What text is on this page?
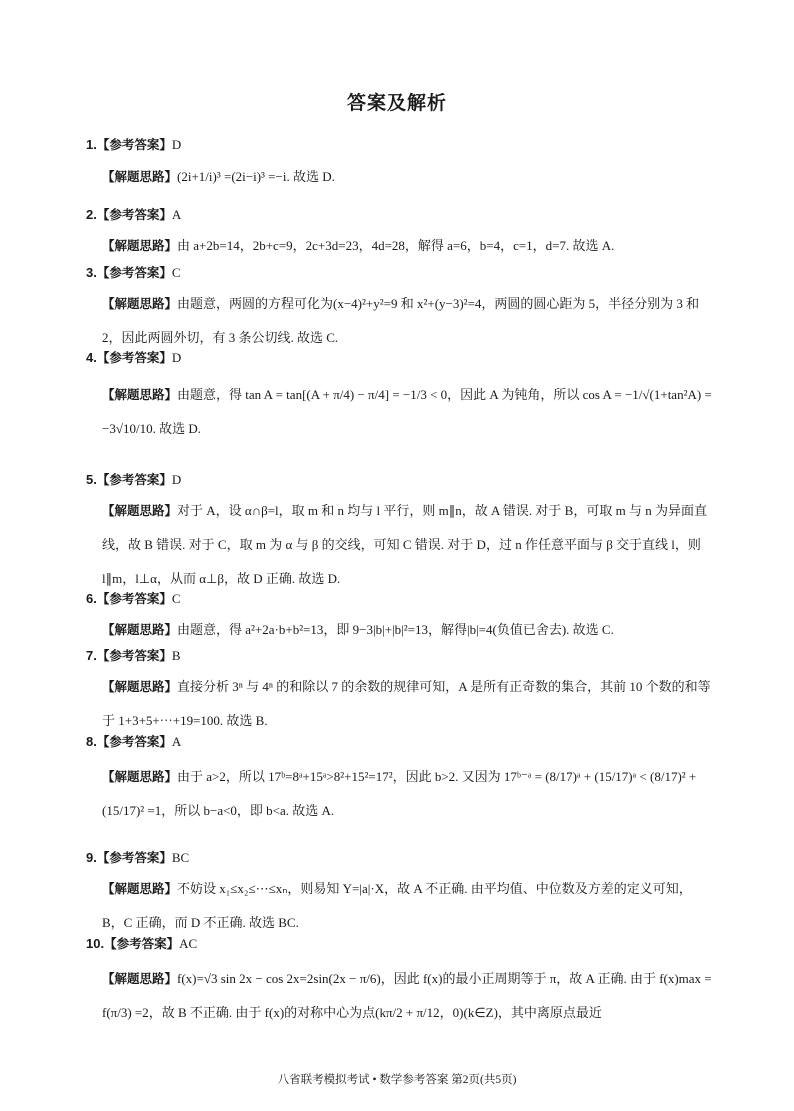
答案及解析
1.【参考答案】D
【解题思路】(2i+1/i)³ =(2i−i)³ =−i. 故选 D.
2.【参考答案】A
【解题思路】由 a+2b=14，2b+c=9，2c+3d=23，4d=28，解得 a=6，b=4，c=1，d=7. 故选 A.
3.【参考答案】C
【解题思路】由题意，两圆的方程可化为(x−4)²+y²=9 和 x²+(y−3)²=4，两圆的圆心距为 5，半径分别为 3 和 2，因此两圆外切，有 3 条公切线. 故选 C.
4.【参考答案】D
【解题思路】由题意，得 tan A = tan[(A + π/4) − π/4] = −1/3 < 0，因此 A 为钝角，所以 cos A = −1/√(1+tan²A) = −3√10/10. 故选 D.
5.【参考答案】D
【解题思路】对于 A，设 α∩β=l，取 m 和 n 均与 l 平行，则 m∥n，故 A 错误. 对于 B，可取 m 与 n 为异面直线，故 B 错误. 对于 C，取 m 为 α 与 β 的交线，可知 C 错误. 对于 D，过 n 作任意平面与 β 交于直线 l，则 l∥m，l⊥α，从而 α⊥β，故 D 正确. 故选 D.
6.【参考答案】C
【解题思路】由题意，得 a²+2a·b+b²=13，即 9−3|b|+|b|²=13，解得|b|=4(负值已舍去). 故选 C.
7.【参考答案】B
【解题思路】直接分析 3ⁿ 与 4ⁿ 的和除以 7 的余数的规律可知，A 是所有正奇数的集合，其前 10 个数的和等于 1+3+5+⋯+19=100. 故选 B.
8.【参考答案】A
【解题思路】由于 a>2，所以 17ᵇ=8ᵃ+15ᵃ>8²+15²=17²，因此 b>2. 又因为 17ᵇ⁻ᵃ = (8/17)ᵃ + (15/17)ᵃ < (8/17)² + (15/17)² =1，所以 b−a<0，即 b<a. 故选 A.
9.【参考答案】BC
【解题思路】不妨设 x₁≤x₂≤⋯≤xₙ，则易知 Y=|a|·X，故 A 不正确. 由平均值、中位数及方差的定义可知，B，C 正确，而 D 不正确. 故选 BC.
10.【参考答案】AC
【解题思路】f(x)=√3 sin 2x − cos 2x=2sin(2x − π/6)，因此 f(x)的最小正周期等于 π，故 A 正确. 由于 f(x)max = f(π/3) =2，故 B 不正确. 由于 f(x)的对称中心为点(kπ/2 + π/12，0)(k∈Z)，其中离原点最近
八省联考模拟考试 • 数学参考答案 第2页(共5页)
